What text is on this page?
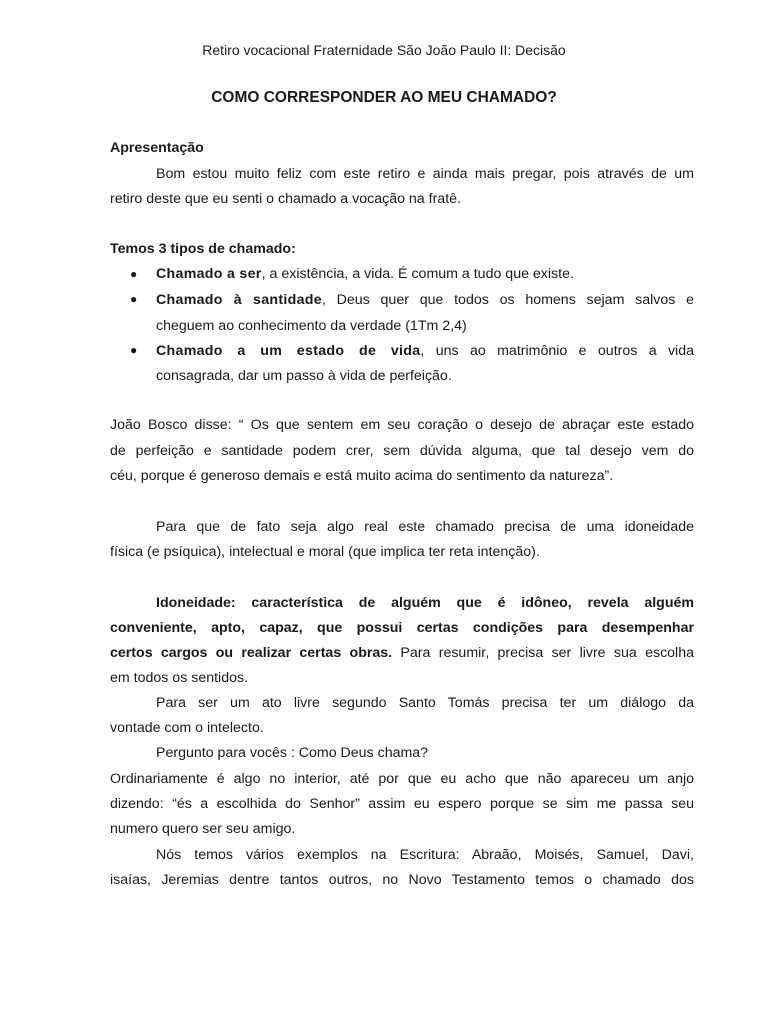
Retiro vocacional Fraternidade São João Paulo II: Decisão
COMO CORRESPONDER AO MEU CHAMADO?
Apresentação
Bom estou muito feliz com este retiro e ainda mais pregar, pois através de um
retiro deste que eu senti o chamado a vocação na fratê.
Temos 3 tipos de chamado:
● Chamado a ser, a existência, a vida. É comum a tudo que existe.
● Chamado à santidade, Deus quer que todos os homens sejam salvos e
cheguem ao conhecimento da verdade (1Tm 2,4)
● Chamado a um estado de vida, uns ao matrimônio e outros a vida
consagrada, dar um passo à vida de perfeição.
João Bosco disse: “ Os que sentem em seu coração o desejo de abraçar este estado
de perfeição e santidade podem crer, sem dúvida alguma, que tal desejo vem do
céu, porque é generoso demais e está muito acima do sentimento da natureza”.
Para que de fato seja algo real este chamado precisa de uma idoneidade
física (e psíquica), intelectual e moral (que implica ter reta intenção).
Idoneidade: característica de alguém que é idôneo, revela alguém
conveniente, apto, capaz, que possui certas condições para desempenhar
certos cargos ou realizar certas obras. Para resumir, precisa ser livre sua escolha
em todos os sentidos.
Para ser um ato livre segundo Santo Tomás precisa ter um diálogo da
vontade com o intelecto.
Pergunto para vocês : Como Deus chama?
Ordinariamente é algo no interior, até por que eu acho que não apareceu um anjo
dizendo: “és a escolhida do Senhor” assim eu espero porque se sim me passa seu
numero quero ser seu amigo.
Nós temos vários exemplos na Escritura: Abraão, Moisés, Samuel, Davi,
isaías, Jeremias dentre tantos outros, no Novo Testamento temos o chamado dos
